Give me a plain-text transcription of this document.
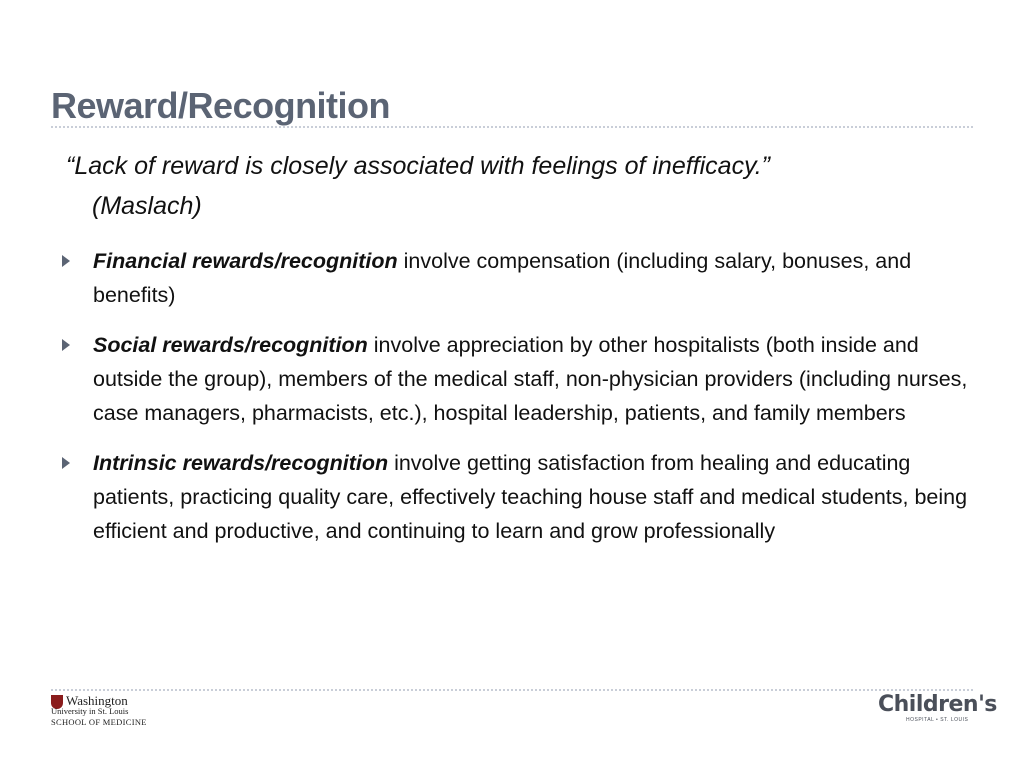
Reward/Recognition
“Lack of reward is closely associated with feelings of inefficacy.”
(Maslach)
Financial rewards/recognition involve compensation (including salary, bonuses, and benefits)
Social rewards/recognition involve appreciation by other hospitalists (both inside and outside the group), members of the medical staff, non-physician providers (including nurses, case managers, pharmacists, etc.), hospital leadership, patients, and family members
Intrinsic rewards/recognition involve getting satisfaction from healing and educating patients, practicing quality care, effectively teaching house staff and medical students, being efficient and productive, and continuing to learn and grow professionally
Washington
University in St. Louis
SCHOOL OF MEDICINE
Children's
HOSPITAL • ST. LOUIS
